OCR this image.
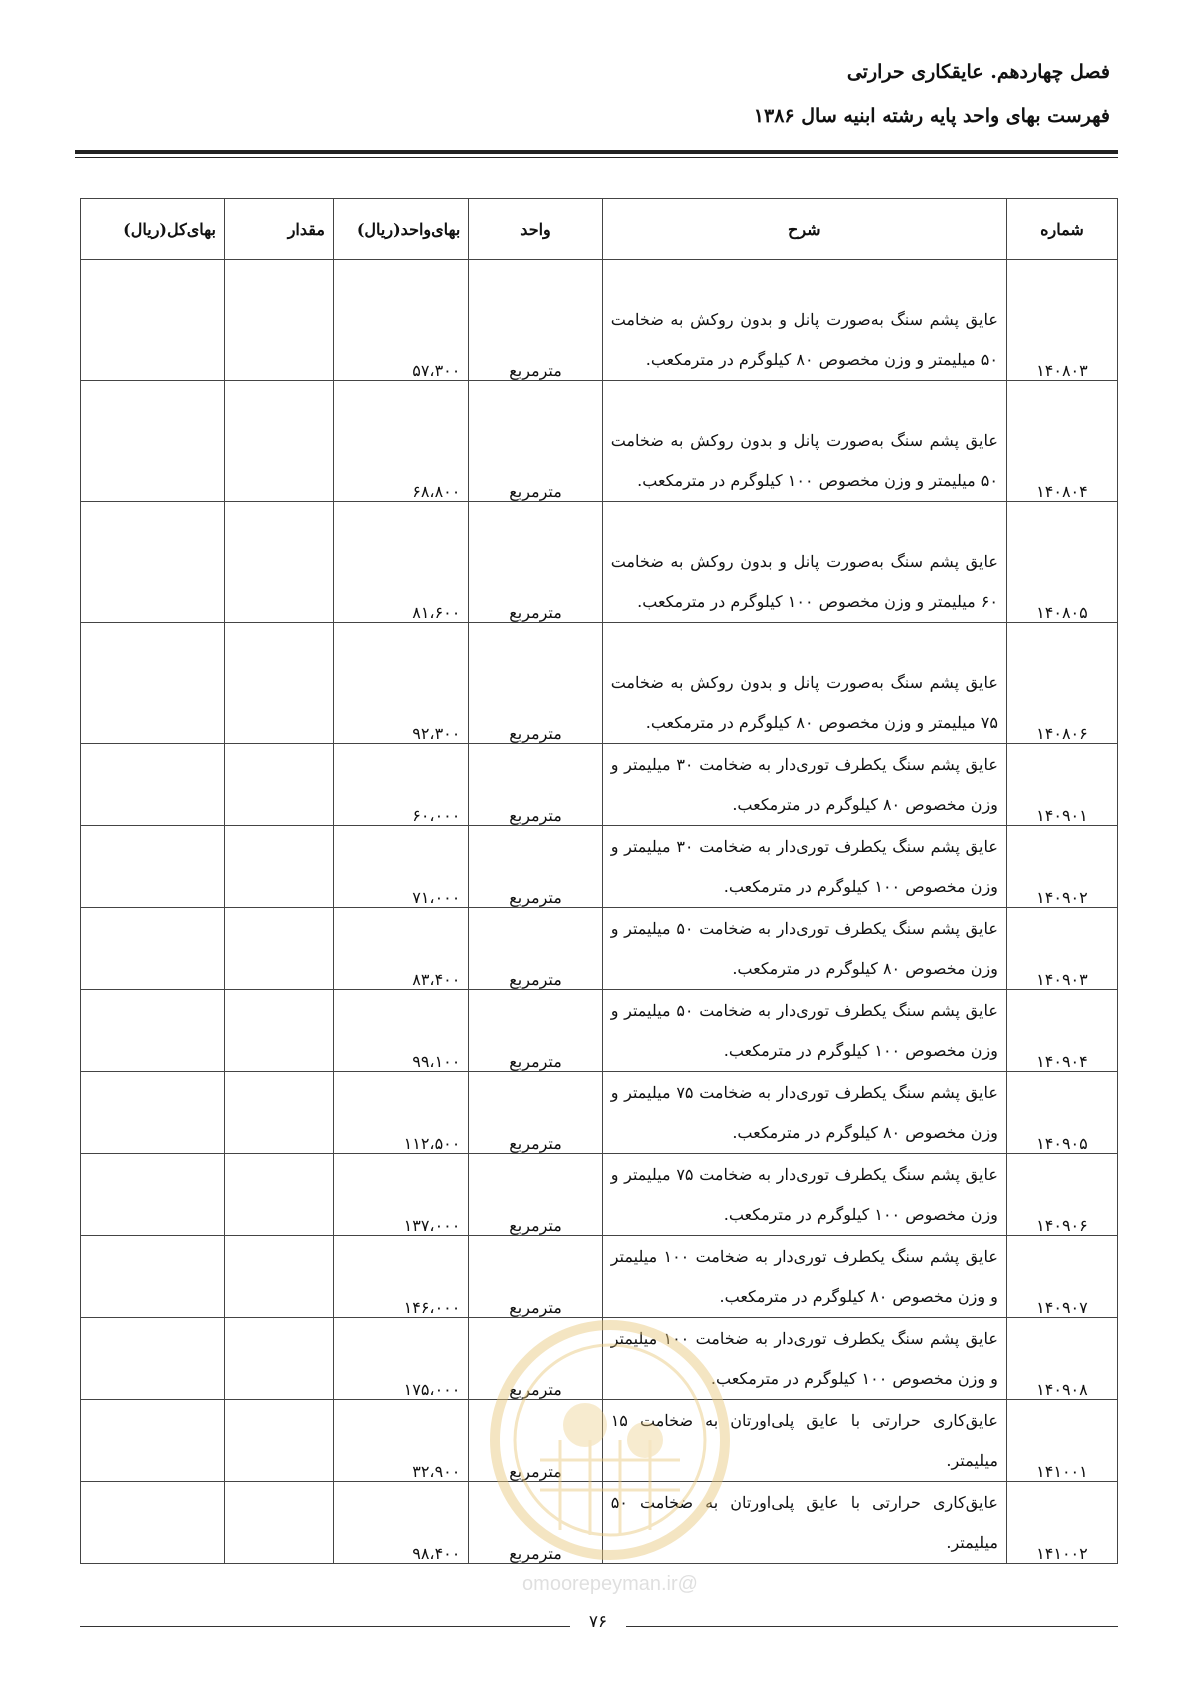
فصل چهاردهم. عایقکاری حرارتی
فهرست بهای واحد پایه رشته ابنیه سال ۱۳۸۶
شماره	شرح	واحد	بهای‌واحد(ریال)	مقدار	بهای‌کل(ریال)
۱۴۰۸۰۳	عایق پشم سنگ به‌صورت پانل و بدون روکش به ضخامت ۵۰ میلیمتر و وزن مخصوص ۸۰ کیلوگرم در مترمکعب.	مترمربع	۵۷،۳۰۰		
۱۴۰۸۰۴	عایق پشم سنگ به‌صورت پانل و بدون روکش به ضخامت ۵۰ میلیمتر و وزن مخصوص ۱۰۰ کیلوگرم در مترمکعب.	مترمربع	۶۸،۸۰۰		
۱۴۰۸۰۵	عایق پشم سنگ به‌صورت پانل و بدون روکش به ضخامت ۶۰ میلیمتر و وزن مخصوص ۱۰۰ کیلوگرم در مترمکعب.	مترمربع	۸۱،۶۰۰		
۱۴۰۸۰۶	عایق پشم سنگ به‌صورت پانل و بدون روکش به ضخامت ۷۵ میلیمتر و وزن مخصوص ۸۰ کیلوگرم در مترمکعب.	مترمربع	۹۲،۳۰۰		
۱۴۰۹۰۱	عایق پشم سنگ یکطرف توری‌دار به ضخامت ۳۰ میلیمتر و وزن مخصوص ۸۰ کیلوگرم در مترمکعب.	مترمربع	۶۰،۰۰۰		
۱۴۰۹۰۲	عایق پشم سنگ یکطرف توری‌دار به ضخامت ۳۰ میلیمتر و وزن مخصوص ۱۰۰ کیلوگرم در مترمکعب.	مترمربع	۷۱،۰۰۰		
۱۴۰۹۰۳	عایق پشم سنگ یکطرف توری‌دار به ضخامت ۵۰ میلیمتر و وزن مخصوص ۸۰ کیلوگرم در مترمکعب.	مترمربع	۸۳،۴۰۰		
۱۴۰۹۰۴	عایق پشم سنگ یکطرف توری‌دار به ضخامت ۵۰ میلیمتر و وزن مخصوص ۱۰۰ کیلوگرم در مترمکعب.	مترمربع	۹۹،۱۰۰		
۱۴۰۹۰۵	عایق پشم سنگ یکطرف توری‌دار به ضخامت ۷۵ میلیمتر و وزن مخصوص ۸۰ کیلوگرم در مترمکعب.	مترمربع	۱۱۲،۵۰۰		
۱۴۰۹۰۶	عایق پشم سنگ یکطرف توری‌دار به ضخامت ۷۵ میلیمتر و وزن مخصوص ۱۰۰ کیلوگرم در مترمکعب.	مترمربع	۱۳۷،۰۰۰		
۱۴۰۹۰۷	عایق پشم سنگ یکطرف توری‌دار به ضخامت ۱۰۰ میلیمتر و وزن مخصوص ۸۰ کیلوگرم در مترمکعب.	مترمربع	۱۴۶،۰۰۰		
۱۴۰۹۰۸	عایق پشم سنگ یکطرف توری‌دار به ضخامت ۱۰۰ میلیمتر و وزن مخصوص ۱۰۰ کیلوگرم در مترمکعب.	مترمربع	۱۷۵،۰۰۰		
۱۴۱۰۰۱	عایق‌کاری حرارتی با عایق پلی‌اورتان به ضخامت ۱۵ میلیمتر.	مترمربع	۳۲،۹۰۰		
۱۴۱۰۰۲	عایق‌کاری حرارتی با عایق پلی‌اورتان به ضخامت ۵۰ میلیمتر.	مترمربع	۹۸،۴۰۰		
@omoorepeyman.ir
۷۶
